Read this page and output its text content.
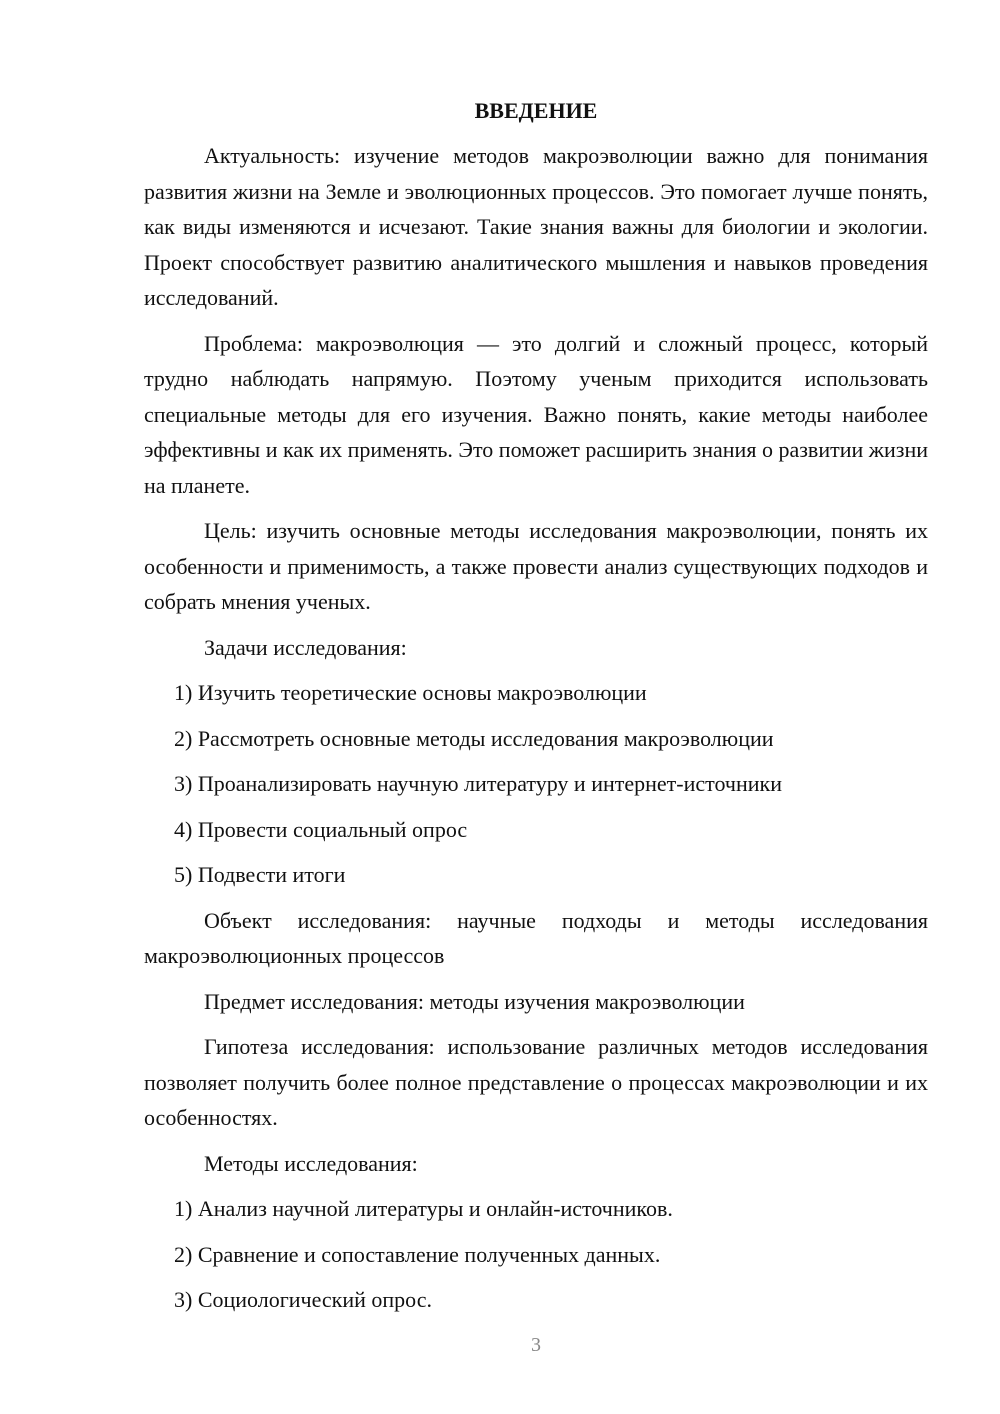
ВВЕДЕНИЕ

Актуальность: изучение методов макроэволюции важно для понимания развития жизни на Земле и эволюционных процессов. Это помогает лучше понять, как виды изменяются и исчезают. Такие знания важны для биологии и экологии. Проект способствует развитию аналитического мышления и навыков проведения исследований.

Проблема: макроэволюция — это долгий и сложный процесс, который трудно наблюдать напрямую. Поэтому ученым приходится использовать специальные методы для его изучения. Важно понять, какие методы наиболее эффективны и как их применять. Это поможет расширить знания о развитии жизни на планете.

Цель: изучить основные методы исследования макроэволюции, понять их особенности и применимость, а также провести анализ существующих подходов и собрать мнения ученых.

Задачи исследования:

1) Изучить теоретические основы макроэволюции
2) Рассмотреть основные методы исследования макроэволюции
3) Проанализировать научную литературу и интернет-источники
4) Провести социальный опрос
5) Подвести итоги

Объект исследования: научные подходы и методы исследования макроэволюционных процессов

Предмет исследования: методы изучения макроэволюции

Гипотеза исследования: использование различных методов исследования позволяет получить более полное представление о процессах макроэволюции и их особенностях.

Методы исследования:

1) Анализ научной литературы и онлайн-источников.
2) Сравнение и сопоставление полученных данных.
3) Социологический опрос.
3
